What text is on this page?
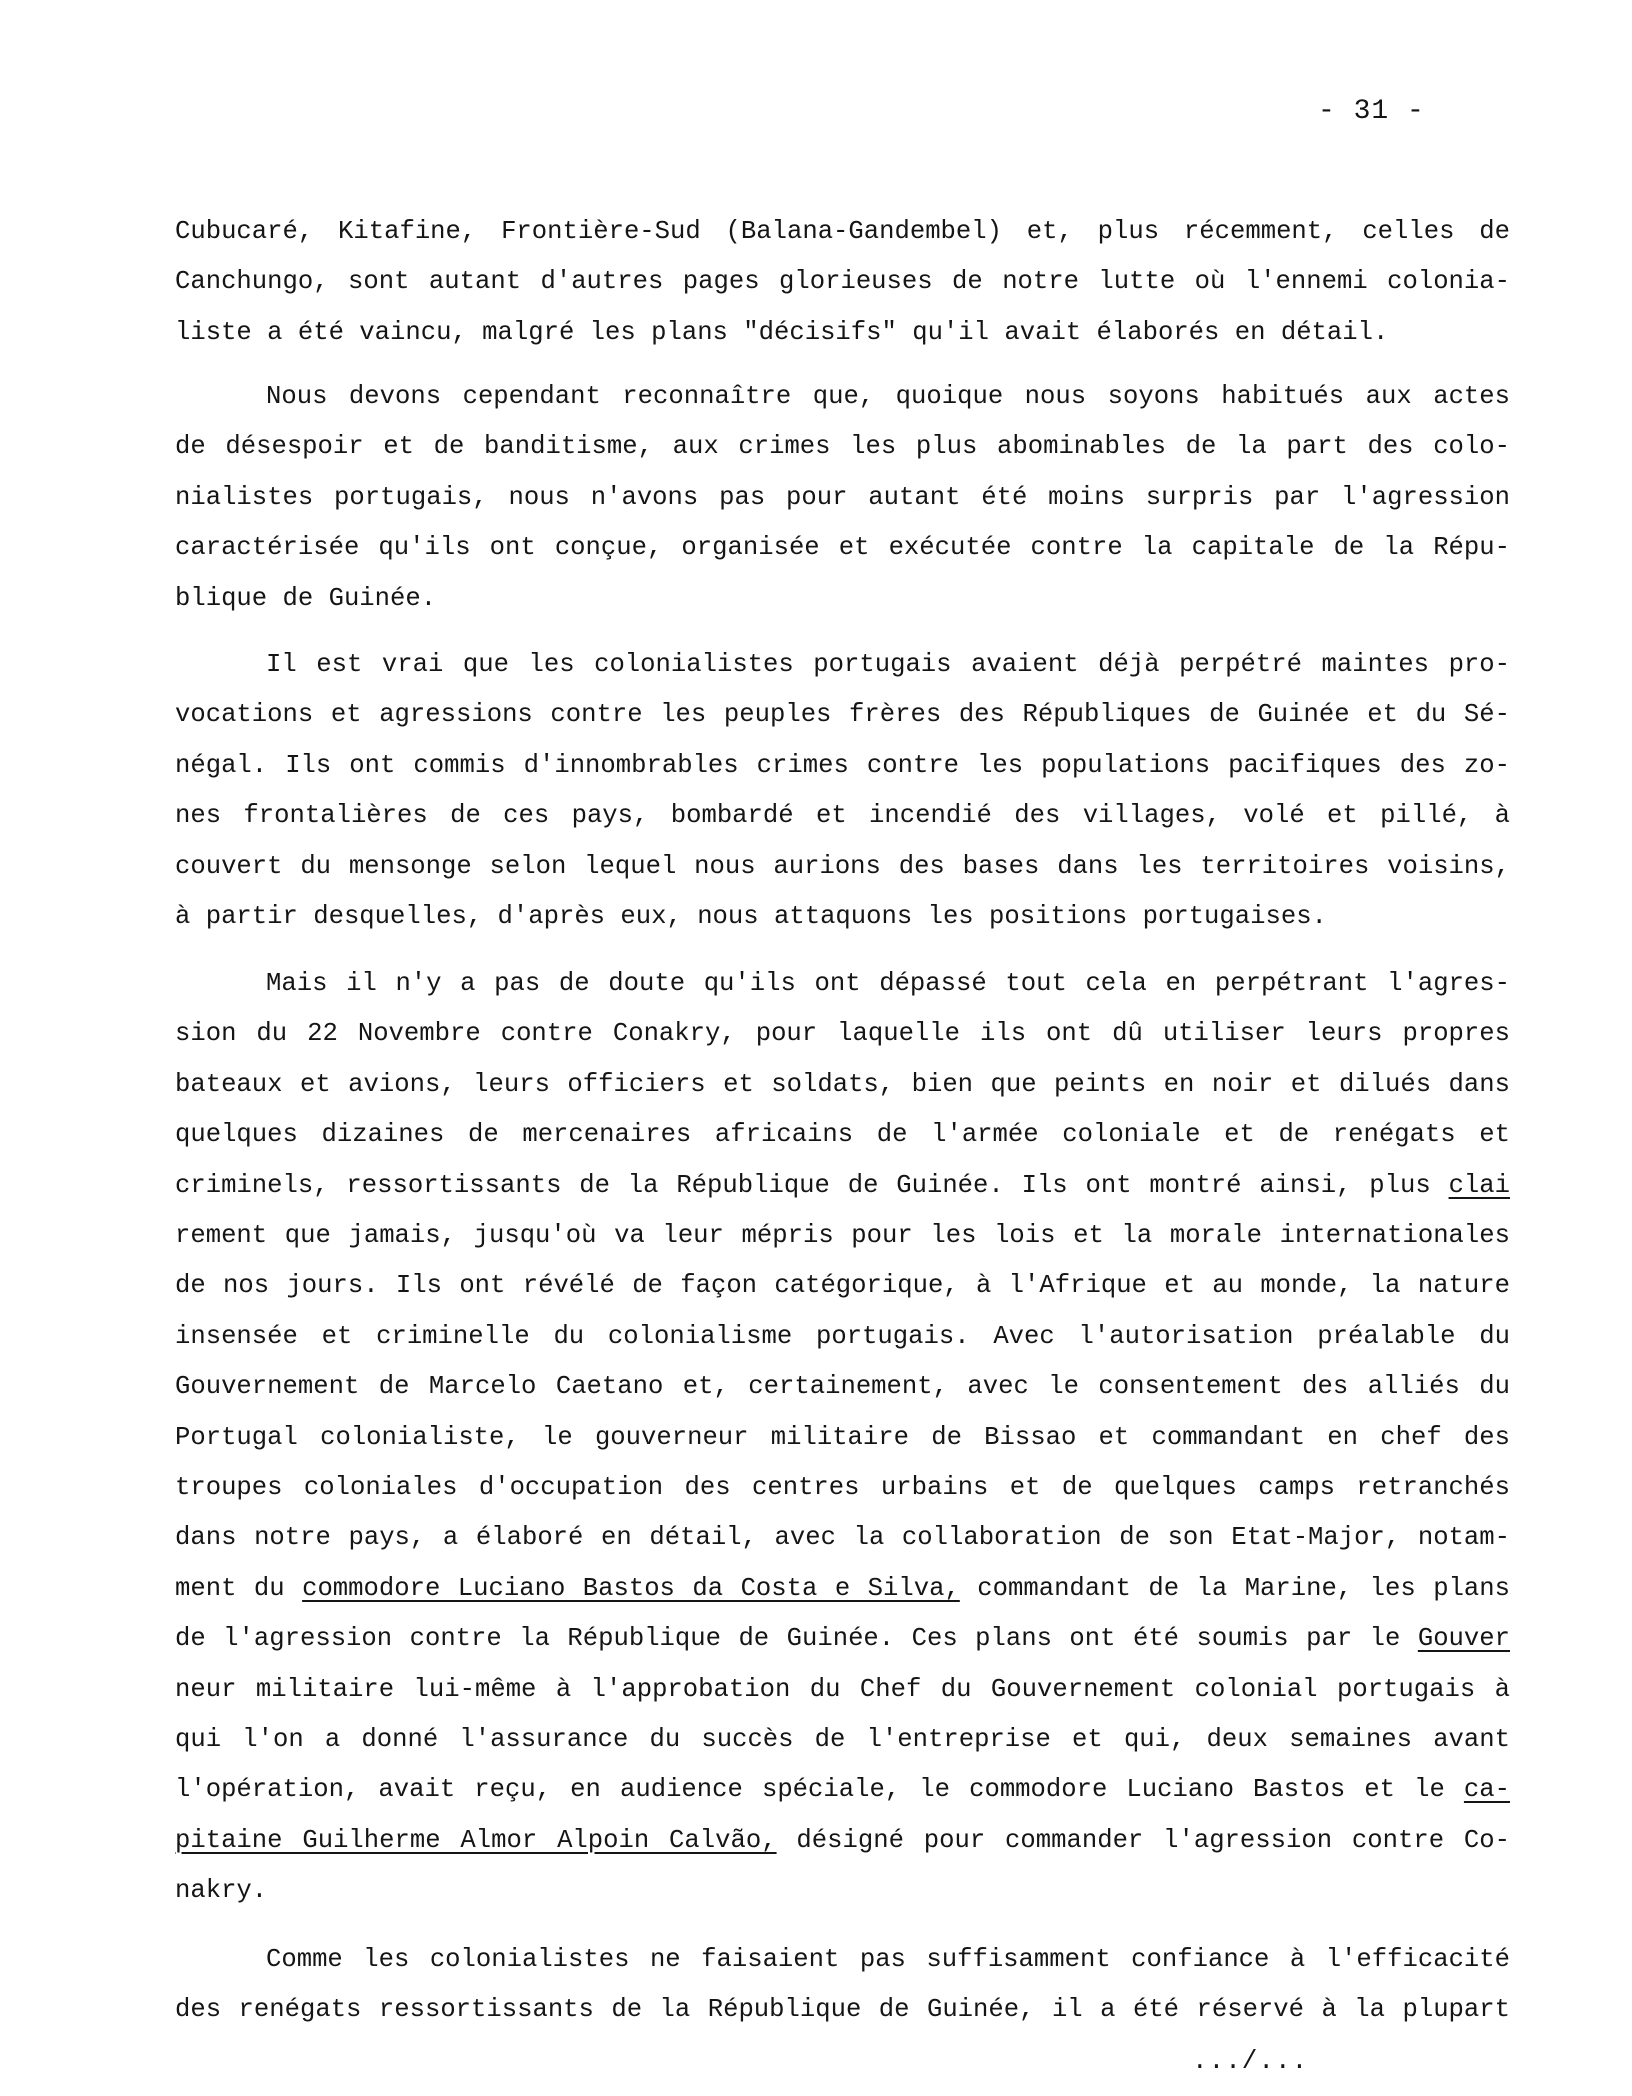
- 31 -
Cubucaré, Kitafine, Frontière-Sud (Balana-Gandembel) et, plus récemment, celles de
Canchungo, sont autant d'autres pages glorieuses de notre lutte où l'ennemi colonia-
liste a été vaincu, malgré les plans "décisifs" qu'il avait élaborés en détail.
Nous devons cependant reconnaître que, quoique nous soyons habitués aux actes
de désespoir et de banditisme, aux crimes les plus abominables de la part des colo-
nialistes portugais, nous n'avons pas pour autant été moins surpris par l'agression
caractérisée qu'ils ont conçue, organisée et exécutée contre la capitale de la Répu-
blique de Guinée.
Il est vrai que les colonialistes portugais avaient déjà perpétré maintes pro-
vocations et agressions contre les peuples frères des Républiques de Guinée et du Sé-
négal. Ils ont commis d'innombrables crimes contre les populations pacifiques des zo-
nes frontalières de ces pays, bombardé et incendié des villages, volé et pillé, à
couvert du mensonge selon lequel nous aurions des bases dans les territoires voisins,
à partir desquelles, d'après eux, nous attaquons les positions portugaises.
Mais il n'y a pas de doute qu'ils ont dépassé tout cela en perpétrant l'agres-
sion du 22 Novembre contre Conakry, pour laquelle ils ont dû utiliser leurs propres
bateaux et avions, leurs officiers et soldats, bien que peints en noir et dilués dans
quelques dizaines de mercenaires africains de l'armée coloniale et de renégats et
criminels, ressortissants de la République de Guinée. Ils ont montré ainsi, plus clai
rement que jamais, jusqu'où va leur mépris pour les lois et la morale internationales
de nos jours. Ils ont révélé de façon catégorique, à l'Afrique et au monde, la nature
insensée et criminelle du colonialisme portugais. Avec l'autorisation préalable du
Gouvernement de Marcelo Caetano et, certainement, avec le consentement des alliés du
Portugal colonialiste, le gouverneur militaire de Bissao et commandant en chef des
troupes coloniales d'occupation des centres urbains et de quelques camps retranchés
dans notre pays, a élaboré en détail, avec la collaboration de son Etat-Major, notam-
ment du commodore Luciano Bastos da Costa e Silva, commandant de la Marine, les plans
de l'agression contre la République de Guinée. Ces plans ont été soumis par le Gouver
neur militaire lui-même à l'approbation du Chef du Gouvernement colonial portugais à
qui l'on a donné l'assurance du succès de l'entreprise et qui, deux semaines avant
l'opération, avait reçu, en audience spéciale, le commodore Luciano Bastos et le ca-
pitaine Guilherme Almor Alpoin Calvão, désigné pour commander l'agression contre Co-
nakry.
Comme les colonialistes ne faisaient pas suffisamment confiance à l'efficacité
des renégats ressortissants de la République de Guinée, il a été réservé à la plupart
.../...
